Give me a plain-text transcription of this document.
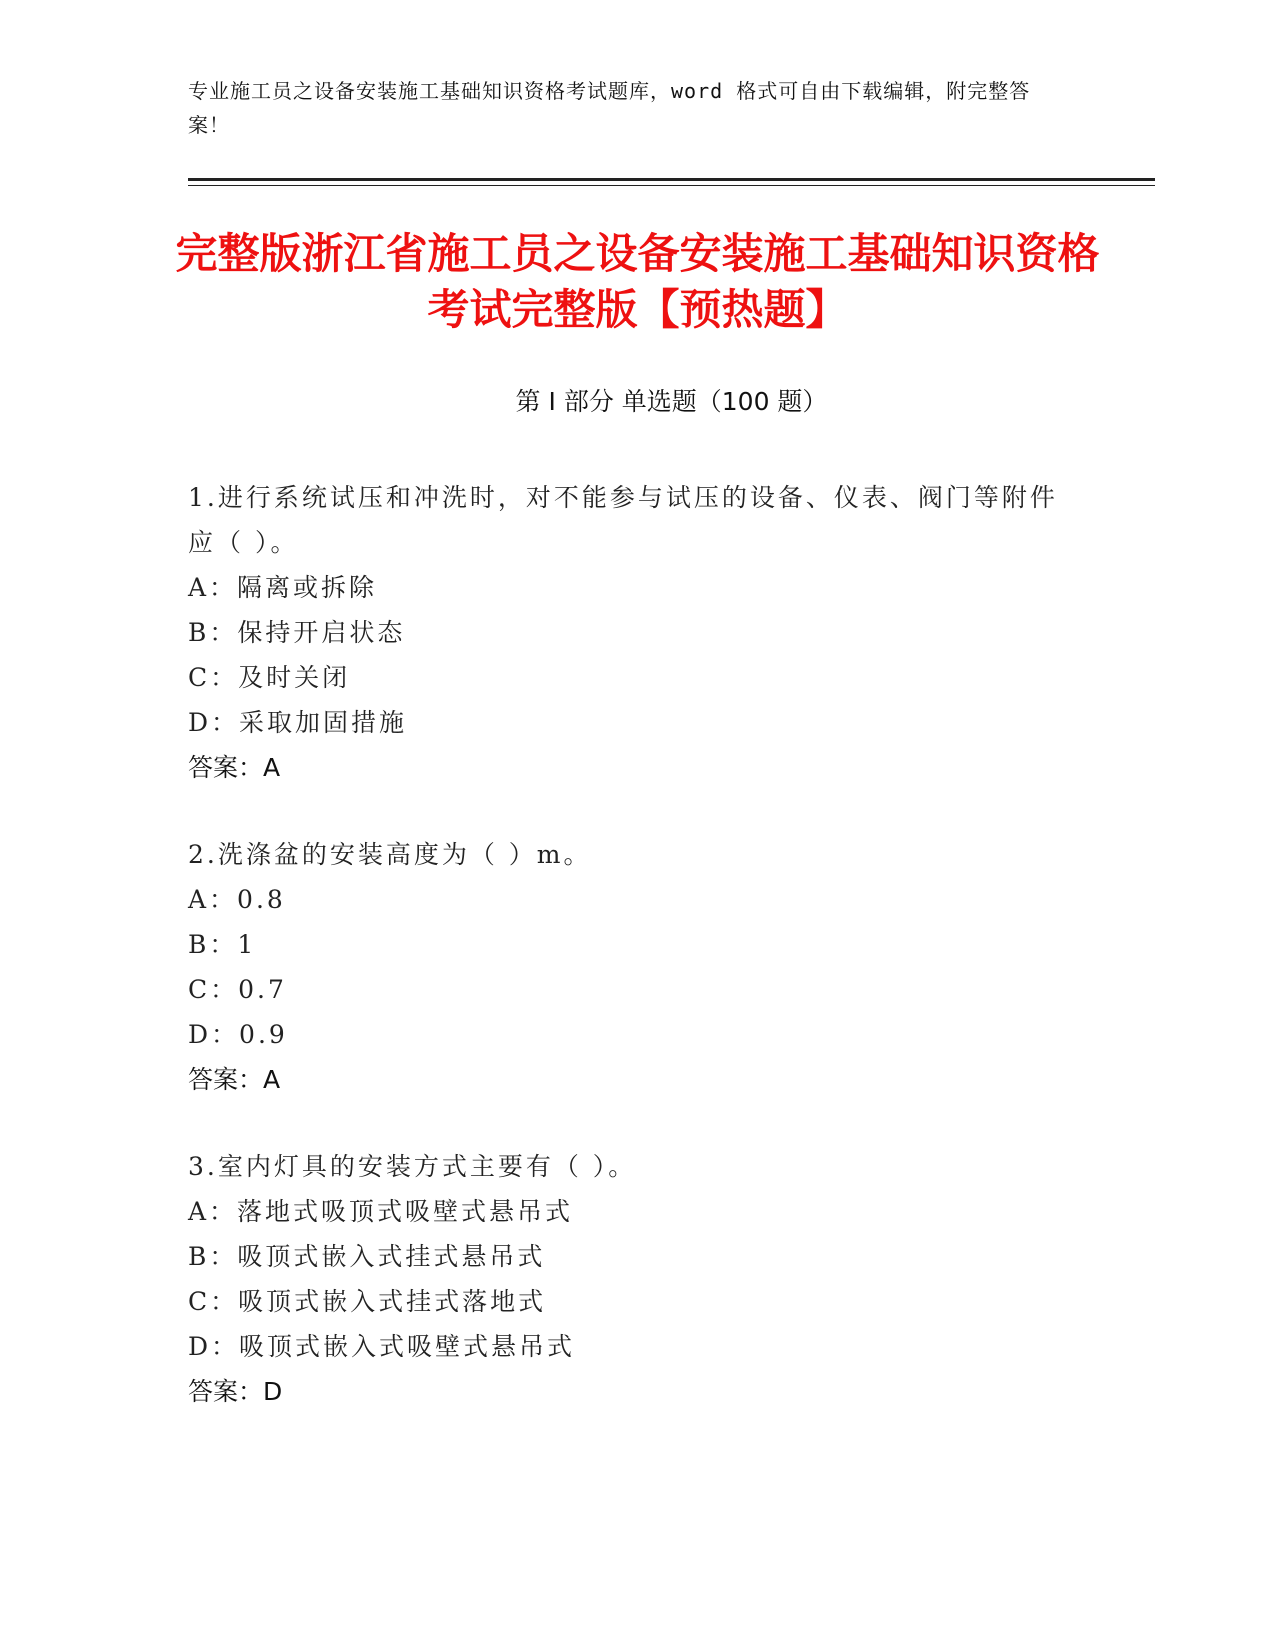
专业施工员之设备安装施工基础知识资格考试题库，word 格式可自由下载编辑，附完整答案！
完整版浙江省施工员之设备安装施工基础知识资格考试完整版【预热题】
第 I 部分 单选题（100 题）
1.进行系统试压和冲洗时，对不能参与试压的设备、仪表、阀门等附件应（ ）。
A：隔离或拆除
B：保持开启状态
C：及时关闭
D：采取加固措施
答案：A
2.洗涤盆的安装高度为（ ）m。
A：0.8
B：1
C：0.7
D：0.9
答案：A
3.室内灯具的安装方式主要有（ ）。
A：落地式吸顶式吸壁式悬吊式
B：吸顶式嵌入式挂式悬吊式
C：吸顶式嵌入式挂式落地式
D：吸顶式嵌入式吸壁式悬吊式
答案：D
